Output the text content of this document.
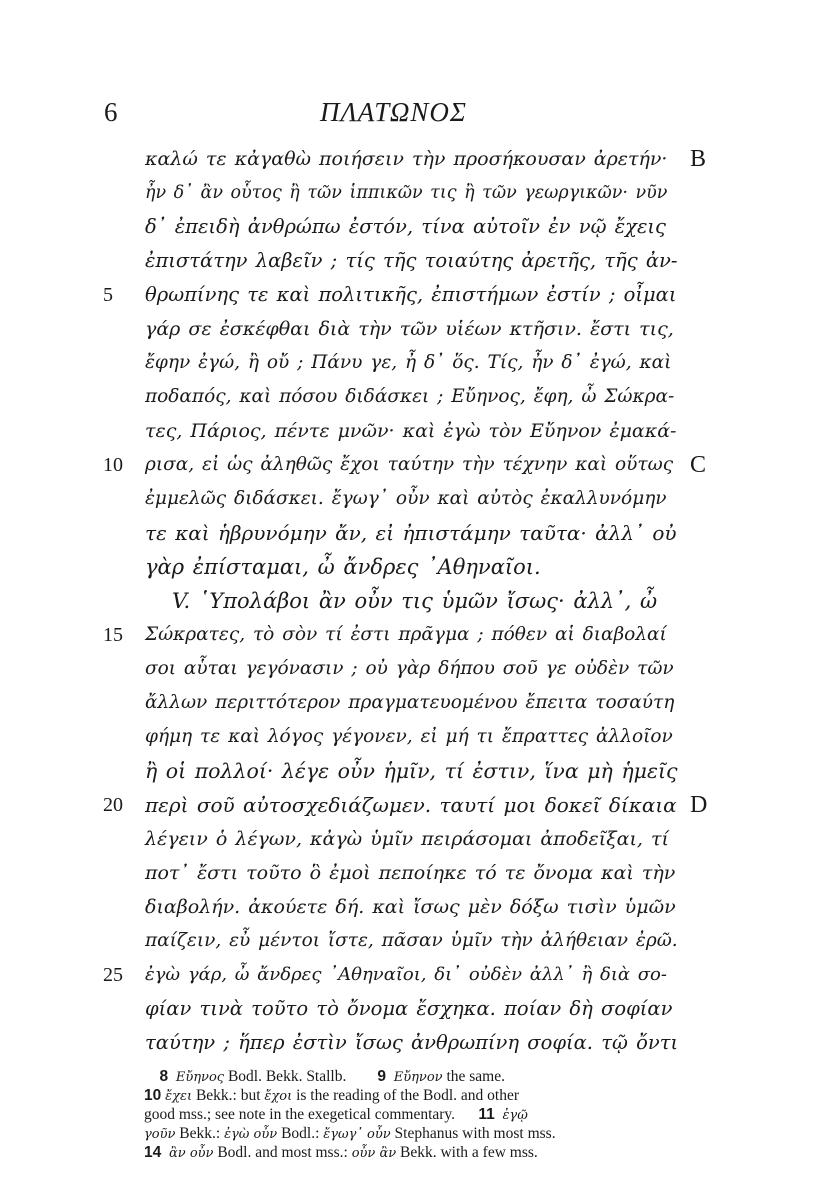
6	ΠΛΑΤΩΝΟΣ
καλώ τε κἀγαθὼ ποιήσειν τὴν προσήκουσαν ἀρετήν·
ἦν δ᾽ ἂν οὗτος ἢ τῶν ἱππικῶν τις ἢ τῶν γεωργικῶν· νῦν
δ᾽ ἐπειδὴ ἀνθρώπω ἐστόν, τίνα αὐτοῖν ἐν νῷ ἔχεις
ἐπιστάτην λαβεῖν ; τίς τῆς τοιαύτης ἀρετῆς, τῆς ἀν-
θρωπίνης τε καὶ πολιτικῆς, ἐπιστήμων ἐστίν ; οἶμαι
γάρ σε ἐσκέφθαι διὰ τὴν τῶν υἱέων κτῆσιν. ἔστι τις,
ἔφην ἐγώ, ἢ οὔ ; Πάνυ γε, ἦ δ᾽ ὅς. Τίς, ἦν δ᾽ ἐγώ, καὶ
ποδαπός, καὶ πόσου διδάσκει ; Εὔηνος, ἔφη, ὦ Σώκρα-
τες, Πάριος, πέντε μνῶν· καὶ ἐγὼ τὸν Εὔηνον ἐμακά-
ρισα, εἰ ὡς ἀληθῶς ἔχοι ταύτην τὴν τέχνην καὶ οὕτως
ἐμμελῶς διδάσκει. ἔγωγ᾽ οὖν καὶ αὐτὸς ἐκαλλυνόμην
τε καὶ ἡβρυνόμην ἄν, εἰ ἠπιστάμην ταῦτα· ἀλλ᾽ οὐ
γὰρ ἐπίσταμαι, ὦ ἄνδρες ᾿Αθηναῖοι.
V. ῾Υπολάβοι ἂν οὖν τις ὑμῶν ἴσως· ἀλλ᾽, ὦ
Σώκρατες, τὸ σὸν τί ἐστι πρᾶγμα ; πόθεν αἱ διαβολαί
σοι αὗται γεγόνασιν ; οὐ γὰρ δήπου σοῦ γε οὐδὲν τῶν
ἄλλων περιττότερον πραγματευομένου ἔπειτα τοσαύτη
φήμη τε καὶ λόγος γέγονεν, εἰ μή τι ἔπραττες ἀλλοῖον
ἢ οἱ πολλοί· λέγε οὖν ἡμῖν, τί ἐστιν, ἵνα μὴ ἡμεῖς
περὶ σοῦ αὐτοσχεδιάζωμεν. ταυτί μοι δοκεῖ δίκαια
λέγειν ὁ λέγων, κἀγὼ ὑμῖν πειράσομαι ἀποδεῖξαι, τί
ποτ᾽ ἔστι τοῦτο ὃ ἐμοὶ πεποίηκε τό τε ὄνομα καὶ τὴν
διαβολήν. ἀκούετε δή. καὶ ἴσως μὲν δόξω τισὶν ὑμῶν
παίζειν, εὖ μέντοι ἴστε, πᾶσαν ὑμῖν τὴν ἀλήθειαν ἐρῶ.
ἐγὼ γάρ, ὦ ἄνδρες ᾿Αθηναῖοι, δι᾽ οὐδὲν ἀλλ᾽ ἢ διὰ σο-
φίαν τινὰ τοῦτο τὸ ὄνομα ἔσχηκα. ποίαν δὴ σοφίαν
ταύτην ; ἥπερ ἐστὶν ἴσως ἀνθρωπίνη σοφία. τῷ ὄντι
5
10
15
20
25
B
C
D
8 Εὔηνος Bodl. Bekk. Stallb. 9 Εὔηνον the same.
10 ἔχει Bekk.: but ἔχοι is the reading of the Bodl. and other
good mss.; see note in the exegetical commentary. 11 ἐγῷ
γοῦν Bekk.: ἐγὼ οὖν Bodl.: ἔγωγ᾽ οὖν Stephanus with most mss.
14 ἂν οὖν Bodl. and most mss.: οὖν ἂν Bekk. with a few mss.
